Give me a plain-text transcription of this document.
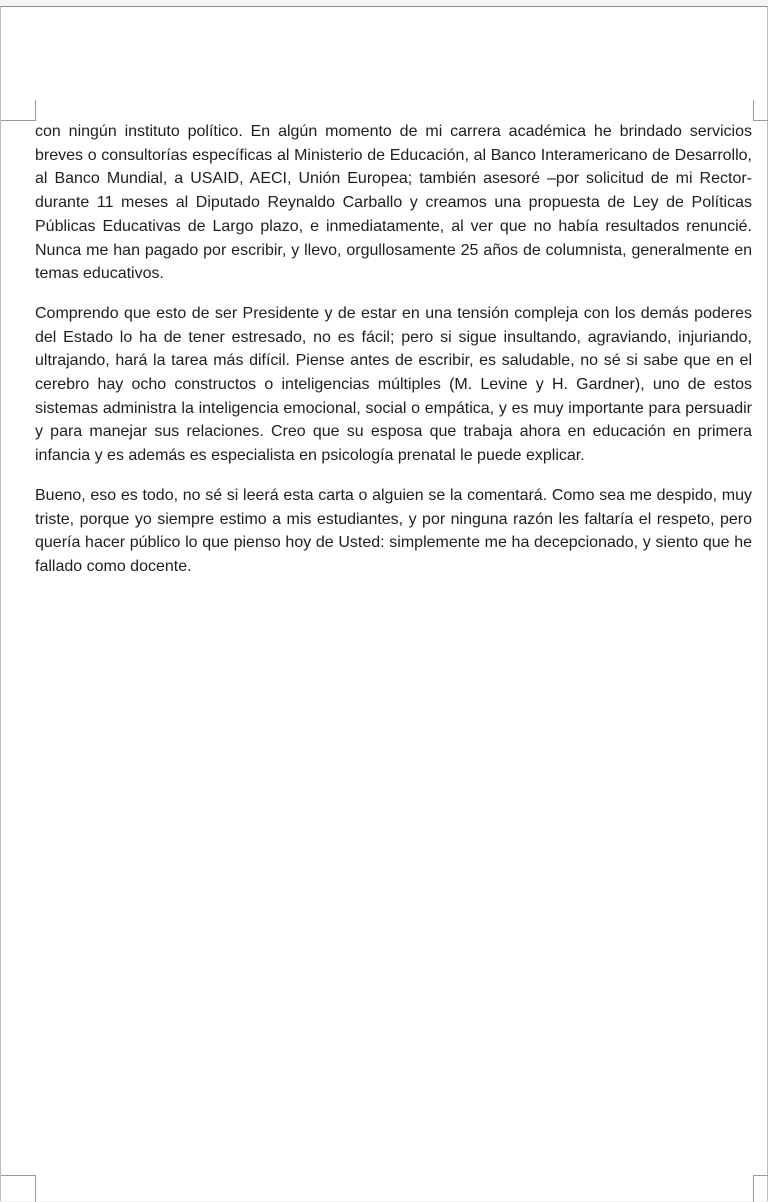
con ningún instituto político. En algún momento de mi carrera académica he brindado servicios breves o consultorías específicas al Ministerio de Educación, al Banco Interamericano de Desarrollo, al Banco Mundial, a USAID, AECI, Unión Europea; también asesoré –por solicitud de mi Rector- durante 11 meses al Diputado Reynaldo Carballo y creamos una propuesta de Ley de Políticas Públicas Educativas de Largo plazo, e inmediatamente, al ver que no había resultados renuncié. Nunca me han pagado por escribir, y llevo, orgullosamente 25 años de columnista, generalmente en temas educativos.

Comprendo que esto de ser Presidente y de estar en una tensión compleja con los demás poderes del Estado lo ha de tener estresado, no es fácil; pero si sigue insultando, agraviando, injuriando, ultrajando, hará la tarea más difícil. Piense antes de escribir, es saludable, no sé si sabe que en el cerebro hay ocho constructos o inteligencias múltiples (M. Levine y H. Gardner), uno de estos sistemas administra la inteligencia emocional, social o empática, y es muy importante para persuadir y para manejar sus relaciones. Creo que su esposa que trabaja ahora en educación en primera infancia y es además es especialista en psicología prenatal le puede explicar.

Bueno, eso es todo, no sé si leerá esta carta o alguien se la comentará. Como sea me despido, muy triste, porque yo siempre estimo a mis estudiantes, y por ninguna razón les faltaría el respeto, pero quería hacer público lo que pienso hoy de Usted: simplemente me ha decepcionado, y siento que he fallado como docente.
